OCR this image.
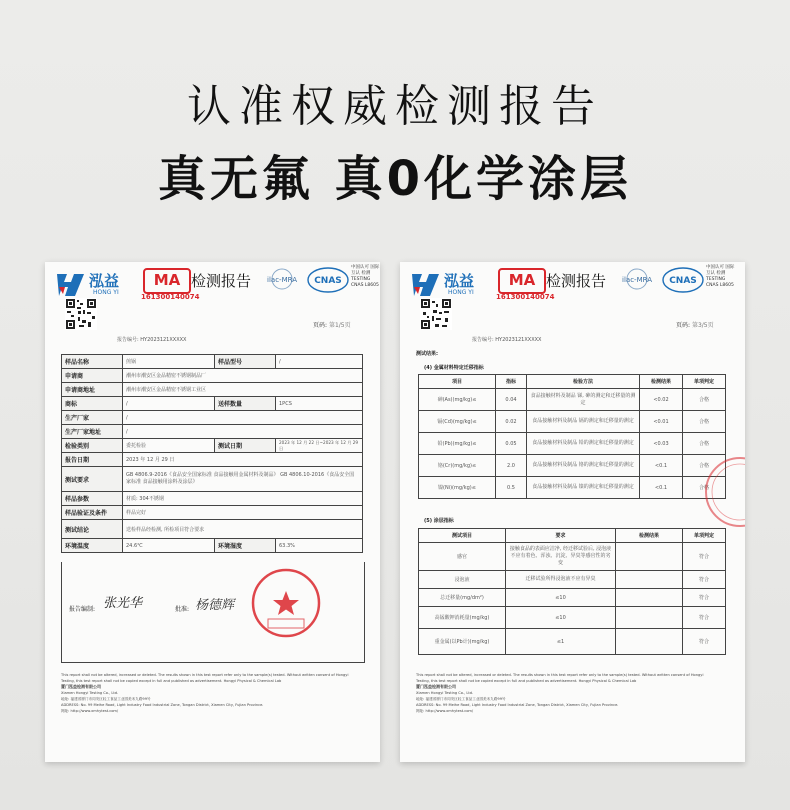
认准权威检测报告
真无氟 真0化学涂层
泓益
HONG YI
MA
161300140074
检测报告 ilac-MRA CNAS
中国认可 国际互认 检测 TESTING
CNAS L8605
页码: 第1/5页
报告编号: HY2023121XXXXX
样品名称	煎锅	样品型号	/
申请商	潮州市潮安区金品精密不锈钢制品厂		
申请商地址	潮州市潮安区金品精密不锈钢工业区		
商标	/	送样数量	1PCS
生产厂家	/		
生产厂家地址	/		
检验类别	委托检验	测试日期	2023 年 12 月 22 日~2023 年 12 月 29 日
报告日期	2023 年 12 月 29 日		
测试要求	GB 4806.9-2016《食品安全国家标准 食品接触用金属材料及制品》 GB 4806.10-2016《食品安全国家标准 食品接触用涂料及涂层》		
样品参数	材质: 304不锈钢		
样品验证及条件	样品完好		
测试结论	送检样品经检测, 所检项目符合要求		
环境温度	24.6℃	环境湿度	63.3%
报告编制: 张光华	批准: 杨德辉
This report shall not be altered, increased or deleted. The results shown in this test report refer only to the sample(s) tested. Without written consent of Hongyi
Testing, this test report shall not be copied except in full and published as advertisement. Hongyi Physical & Chemical Lab
厦门泓益检测有限公司
Xiamen Hongyi Testing Co., Ltd.
地址: 福建省厦门市同安区轻工食品工业园美禾九路99号
ADDRESS: No. 99 Meihe Road, Light Industry Food Industrial Zone, Tongan District, Xiamen City, Fujian Province.
网址: http://www.xmhytest.com/
泓益
HONG YI
MA
161300140074
检测报告 ilac-MRA CNAS
中国认可 国际互认 检测 TESTING
CNAS L8605
页码: 第3/5页
报告编号: HY2023121XXXXX
测试结果:
(4) 金属材料特定迁移指标
项目	指标	检验方法	检测结果	单项判定
砷(As)(mg/kg)≤	0.04	食品接触材料及制品 锑, 砷的测定和迁移量的测定	<0.02	合格
镉(Cd)(mg/kg)≤	0.02	食品接触材料及制品 镉的测定和迁移量的测定	<0.01	合格
铅(Pb)(mg/kg)≤	0.05	食品接触材料及制品 铅的测定和迁移量的测定	<0.03	合格
铬(Cr)(mg/kg)≤	2.0	食品接触材料及制品 铬的测定和迁移量的测定	<0.1	合格
镍(Ni)(mg/kg)≤	0.5	食品接触材料及制品 镍的测定和迁移量的测定	<0.1	合格
(5) 涂层指标
测试项目	要求	检测结果	单项判定
感官	接触食品的表面应洁净, 经迁移试验后, 浸泡液不应有着色、浑浊、沉淀、异臭等感官性的劣变		符合
浸泡液	迁移试验所得浸泡液不应有异臭		符合
总迁移量(mg/dm²)	≤10		符合
高锰酸钾消耗量(mg/kg)	≤10		符合
重金属(以Pb计)(mg/kg)	≤1		符合
This report shall not be altered, increased or deleted. The results shown in this test report refer only to the sample(s) tested. Without written consent of Hongyi
Testing, this test report shall not be copied except in full and published as advertisement. Hongyi Physical & Chemical Lab
厦门泓益检测有限公司
Xiamen Hongyi Testing Co., Ltd.
地址: 福建省厦门市同安区轻工食品工业园美禾九路99号
ADDRESS: No. 99 Meihe Road, Light Industry Food Industrial Zone, Tongan District, Xiamen City, Fujian Province.
网址: http://www.xmhytest.com/
